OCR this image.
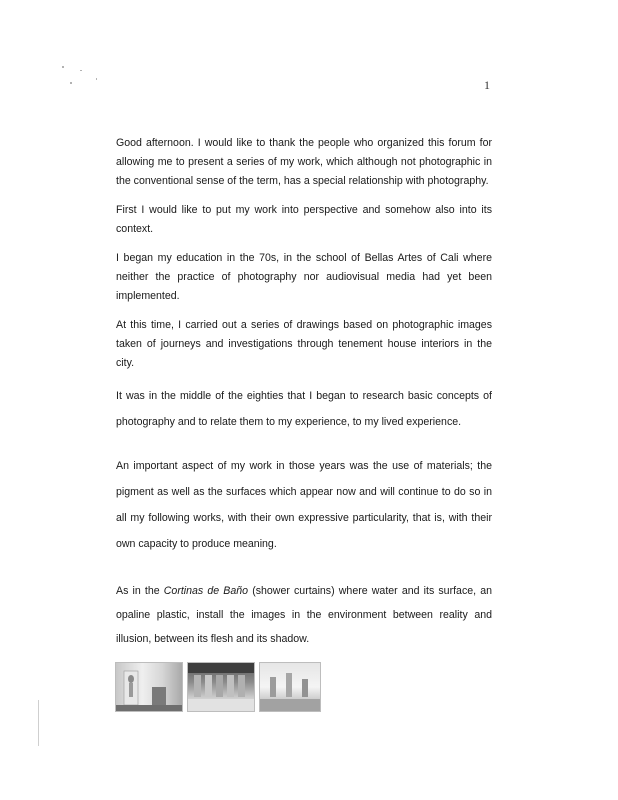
1

Good afternoon. I would like to thank the people who organized this forum for allowing me to present a series of my work, which although not photographic in the conventional sense of the term, has a special relationship with photography.

First I would like to put my work into perspective and somehow also into its context.

I began my education in the 70s, in the school of Bellas Artes of Cali where neither the practice of photography nor audiovisual media had yet been implemented.

At this time, I carried out a series of drawings based on photographic images taken of journeys and investigations through tenement house interiors in the city.

It was in the middle of the eighties that I began to research basic concepts of photography and to relate them to my experience, to my lived experience.

An important aspect of my work in those years was the use of materials; the pigment as well as the surfaces which appear now and will continue to do so in all my following works, with their own expressive particularity, that is, with their own capacity to produce meaning.

As in the Cortinas de Baño (shower curtains) where water and its surface, an opaline plastic, install the images in the environment between reality and illusion, between its flesh and its shadow.
